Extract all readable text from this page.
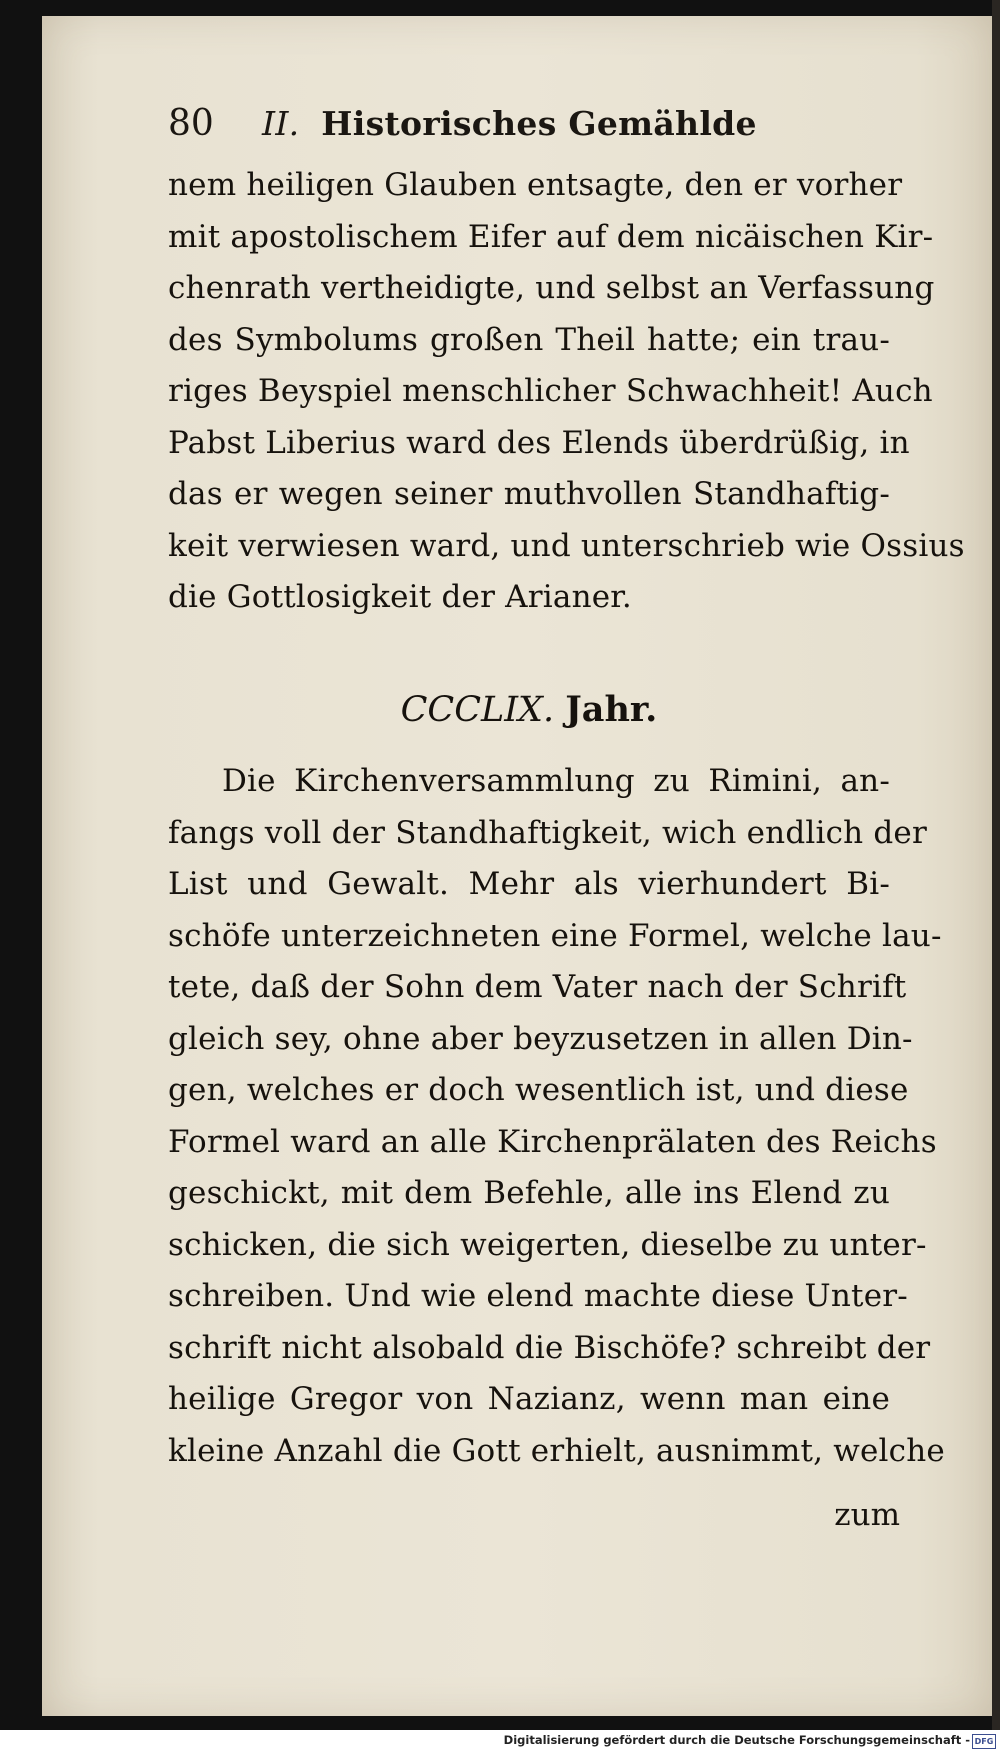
80 II. Historisches Gemählde
nem heiligen Glauben entsagte, den er vorher
mit apostolischem Eifer auf dem nicäischen Kir-
chenrath vertheidigte, und selbst an Verfassung
des Symbolums großen Theil hatte; ein trau-
riges Beyspiel menschlicher Schwachheit! Auch
Pabst Liberius ward des Elends überdrüßig, in
das er wegen seiner muthvollen Standhaftig-
keit verwiesen ward, und unterschrieb wie Ossius
die Gottlosigkeit der Arianer.
CCCLIX. Jahr.
Die Kirchenversammlung zu Rimini, an-
fangs voll der Standhaftigkeit, wich endlich der
List und Gewalt. Mehr als vierhundert Bi-
schöfe unterzeichneten eine Formel, welche lau-
tete, daß der Sohn dem Vater nach der Schrift
gleich sey, ohne aber beyzusetzen in allen Din-
gen, welches er doch wesentlich ist, und diese
Formel ward an alle Kirchenprälaten des Reichs
geschickt, mit dem Befehle, alle ins Elend zu
schicken, die sich weigerten, dieselbe zu unter-
schreiben. Und wie elend machte diese Unter-
schrift nicht alsobald die Bischöfe? schreibt der
heilige Gregor von Nazianz, wenn man eine
kleine Anzahl die Gott erhielt, ausnimmt, welche
zum
Digitalisierung gefördert durch die Deutsche Forschungsgemeinschaft - DFG
